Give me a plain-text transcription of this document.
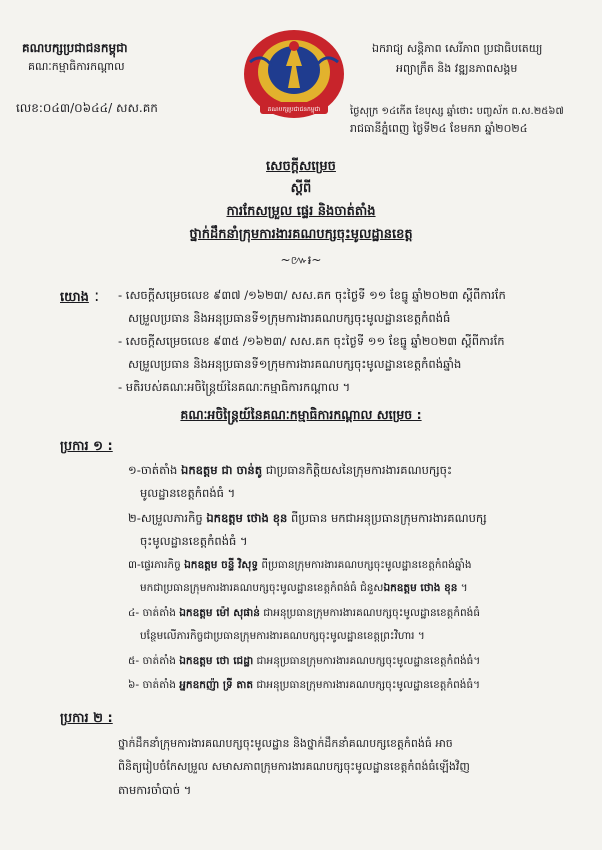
គណបក្សប្រជាជនកម្ពុជា

គណៈកម្មាធិការកណ្តាល

លេខ:០៤៣/០៦៤៤/ សស.គក

ឯករាជ្យ សន្តិភាព សេរីភាព ប្រជាធិបតេយ្យ

អព្យាក្រឹត និង វឌ្ឍនភាពសង្គម

ថ្ងៃសុក្រ ១៤កើត ខែបុស្ស ឆ្នាំថោះ បញ្ចស័ក ព.ស.២៥៦៧

រាជធានីភ្នំពេញ ថ្ងៃទី២៤ ខែមករា ឆ្នាំ២០២៤

គណបក្សប្រជាជនកម្ពុជា

សេចក្តីសម្រេច

ស្តីពី

ការកែសម្រួល ផ្ទេរ និងចាត់តាំង

ថ្នាក់ដឹកនាំក្រុមការងារគណបក្សចុះមូលដ្ឋានខេត្ត

~៚៛~

យោង : - សេចក្តីសម្រេចលេខ ៩៣៧ /១៦២៣/ សស.គក ចុះថ្ងៃទី ១១ ខែធ្នូ ឆ្នាំ២០២៣ ស្តីពីការកែ

សម្រួលប្រធាន និងអនុប្រធានទី១ក្រុមការងារគណបក្សចុះមូលដ្ឋានខេត្តកំពង់ធំ

- សេចក្តីសម្រេចលេខ ៩៣៥ /១៦២៣/ សស.គក ចុះថ្ងៃទី ១១ ខែធ្នូ ឆ្នាំ២០២៣ ស្តីពីការកែ

សម្រួលប្រធាន និងអនុប្រធានទី១ក្រុមការងារគណបក្សចុះមូលដ្ឋានខេត្តកំពង់ឆ្នាំង

- មតិរបស់គណៈអចិន្ត្រៃយ៍នៃគណៈកម្មាធិការកណ្តាល ។

គណៈអចិន្ត្រៃយ៍នៃគណៈកម្មាធិការកណ្តាល សម្រេច :

ប្រការ ១ :

១-ចាត់តាំង ឯកឧត្តម ជា ចាន់តូ ជាប្រធានកិត្តិយសនៃក្រុមការងារគណបក្សចុះ

មូលដ្ឋានខេត្តកំពង់ធំ ។

២-សម្រួលភារកិច្ច ឯកឧត្តម ថោង ខុន ពីប្រធាន មកជាអនុប្រធានក្រុមការងារគណបក្ស

ចុះមូលដ្ឋានខេត្តកំពង់ធំ ។

៣-ផ្ទេរភារកិច្ច ឯកឧត្តម ចន្ទី វិសុទ្ធ ពីប្រធានក្រុមការងារគណបក្សចុះមូលដ្ឋានខេត្តកំពង់ឆ្នាំង

មកជាប្រធានក្រុមការងារគណបក្សចុះមូលដ្ឋានខេត្តកំពង់ធំ ជំនួសឯកឧត្តម ថោង ខុន ។

៤- ចាត់តាំង ឯកឧត្តម ម៉ៅ សុផាន់ ជាអនុប្រធានក្រុមការងារគណបក្សចុះមូលដ្ឋានខេត្តកំពង់ធំ

បន្ថែមលើភារកិច្ចជាប្រធានក្រុមការងារគណបក្សចុះមូលដ្ឋានខេត្តព្រះវិហារ ។

៥- ចាត់តាំង ឯកឧត្តម ថោ ជេដ្ឋា ជាអនុប្រធានក្រុមការងារគណបក្សចុះមូលដ្ឋានខេត្តកំពង់ធំ។

៦- ចាត់តាំង អ្នកឧកញ៉ា ទ្រី តាត ជាអនុប្រធានក្រុមការងារគណបក្សចុះមូលដ្ឋានខេត្តកំពង់ធំ។

ប្រការ ២ :

ថ្នាក់ដឹកនាំក្រុមការងារគណបក្សចុះមូលដ្ឋាន និងថ្នាក់ដឹកនាំគណបក្សខេត្តកំពង់ធំ អាច

ពិនិត្យរៀបចំកែសម្រួល សមាសភាពក្រុមការងារគណបក្សចុះមូលដ្ឋានខេត្តកំពង់ធំឡើងវិញ

តាមការចាំបាច់ ។
